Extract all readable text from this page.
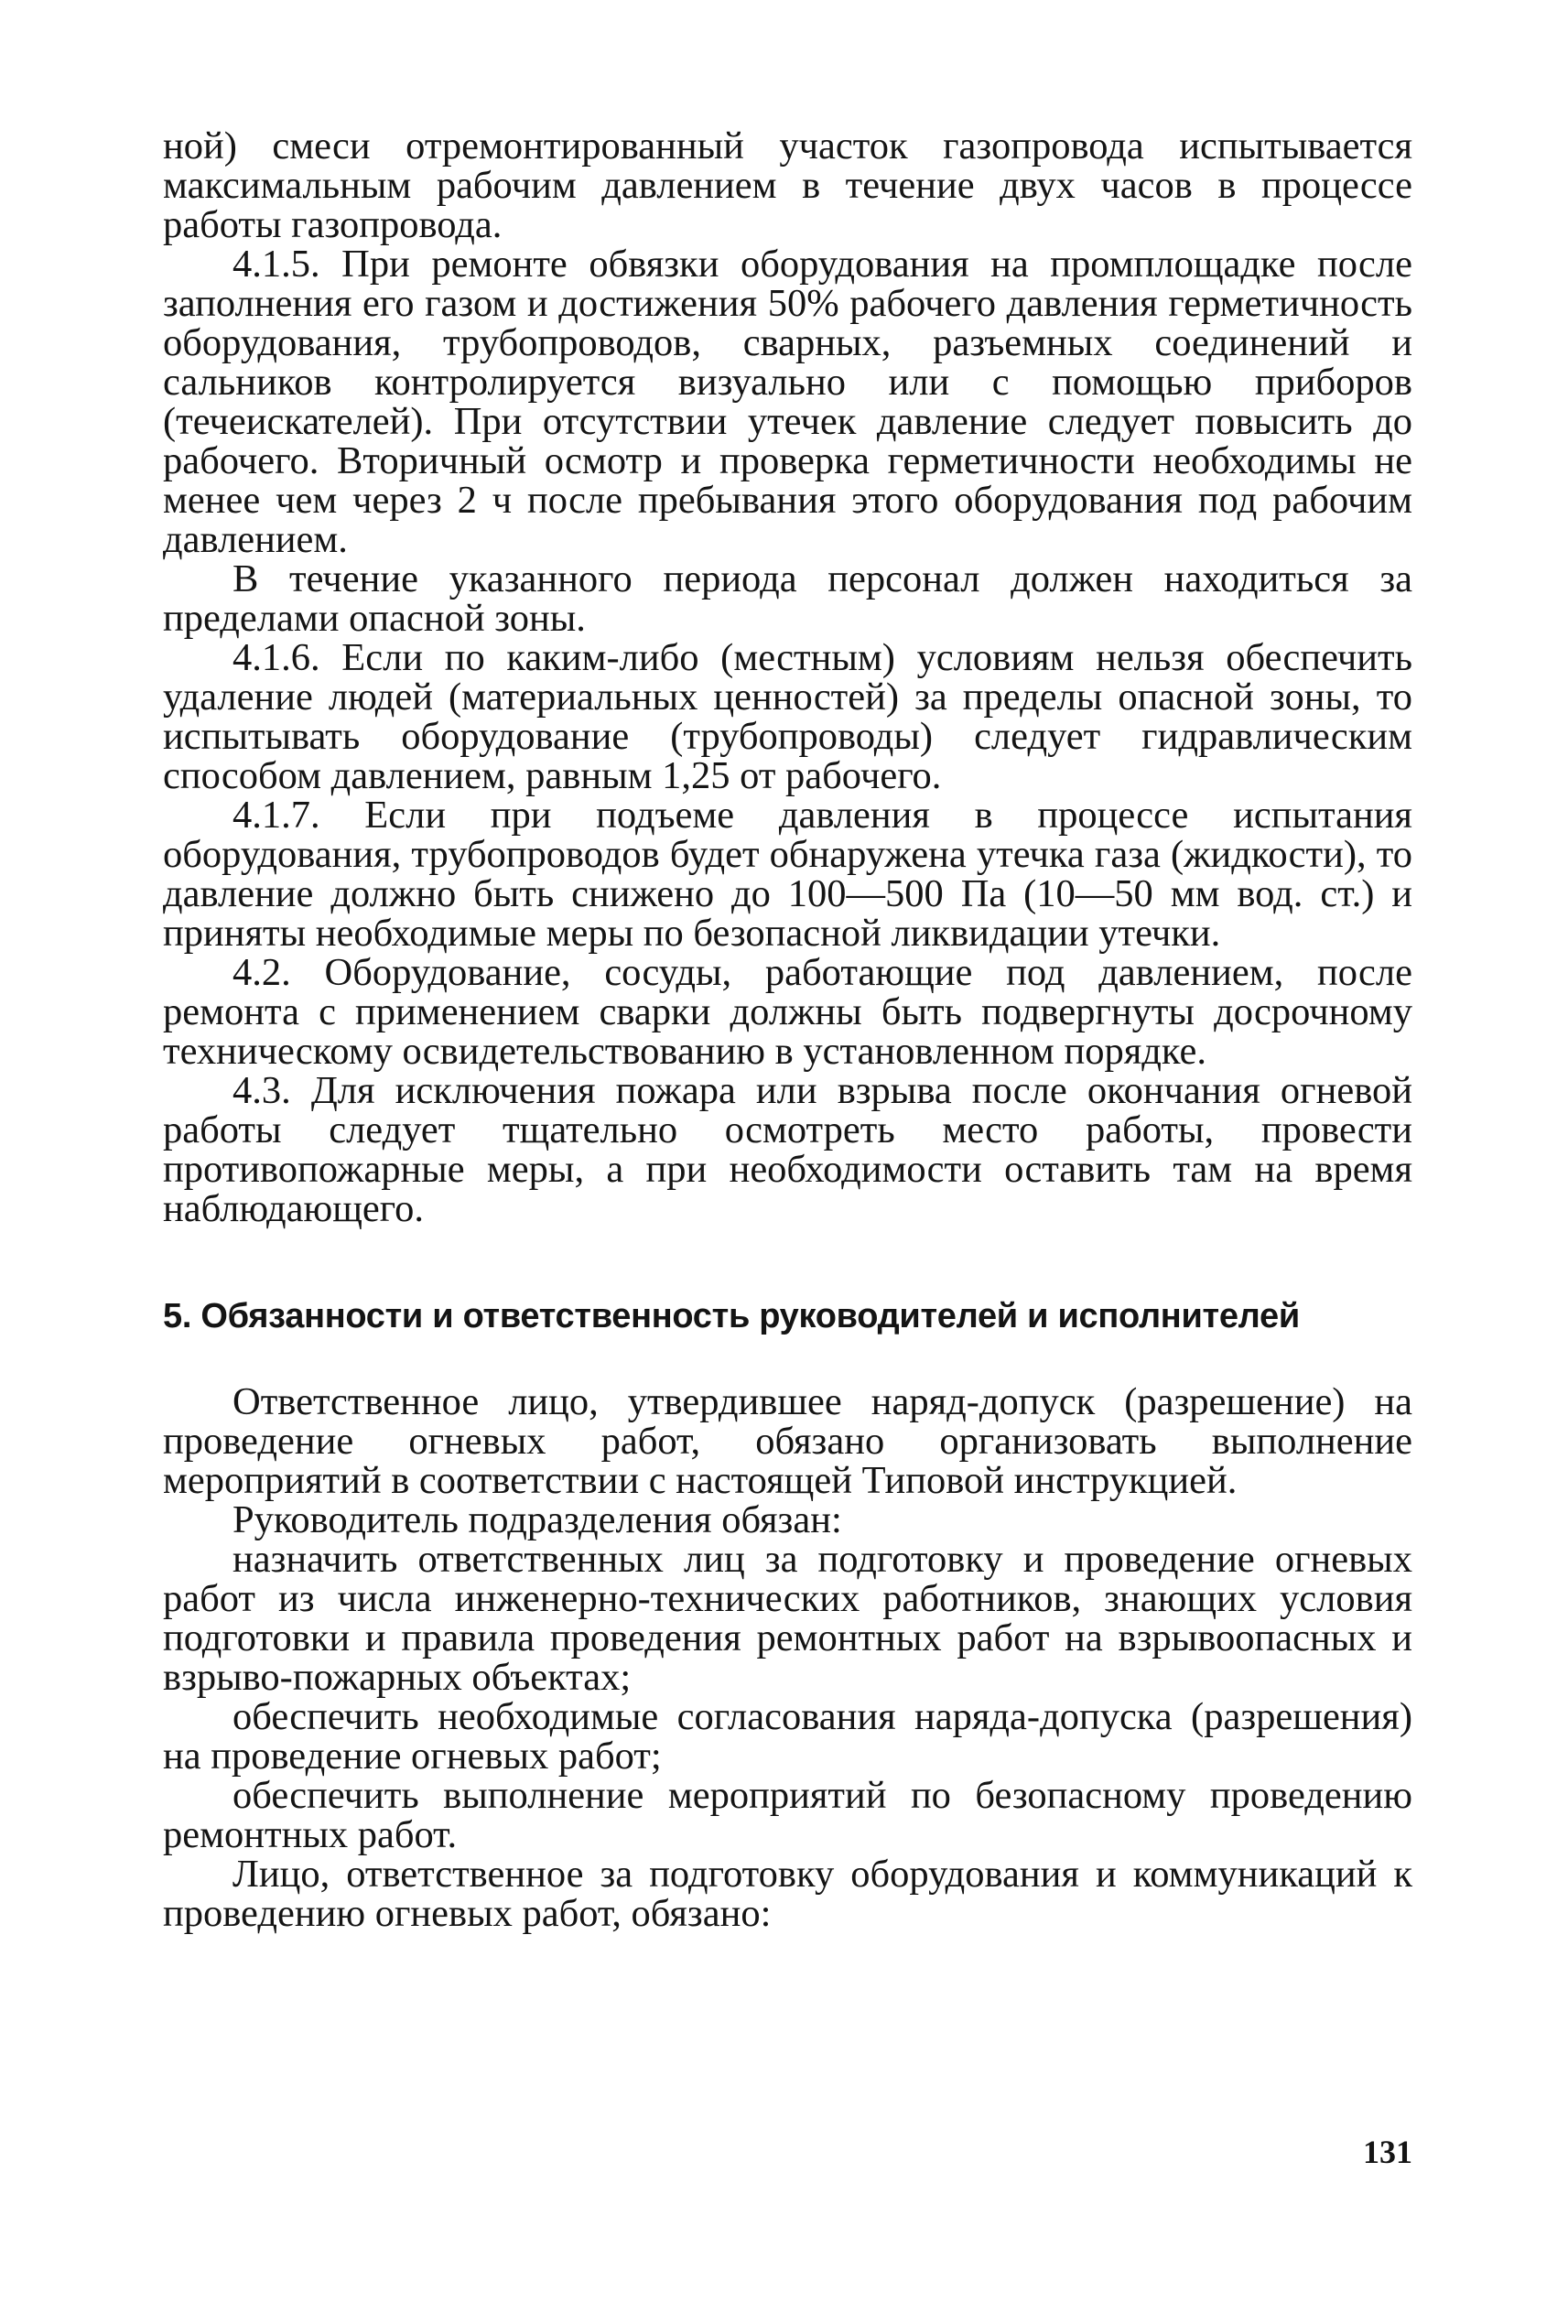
ной) смеси отремонтированный участок газопровода испытывается максимальным рабочим давлением в течение двух часов в процессе работы газопровода.

4.1.5. При ремонте обвязки оборудования на промплощадке после заполнения его газом и достижения 50% рабочего давления герметичность оборудования, трубопроводов, сварных, разъемных соединений и сальников контролируется визуально или с помощью приборов (течеискателей). При отсутствии утечек давление следует повысить до рабочего. Вторичный осмотр и проверка герметичности необходимы не менее чем через 2 ч после пребывания этого оборудования под рабочим давлением.

В течение указанного периода персонал должен находиться за пределами опасной зоны.

4.1.6. Если по каким-либо (местным) условиям нельзя обеспечить удаление людей (материальных ценностей) за пределы опасной зоны, то испытывать оборудование (трубопроводы) следует гидравлическим способом давлением, равным 1,25 от рабочего.

4.1.7. Если при подъеме давления в процессе испытания оборудования, трубопроводов будет обнаружена утечка газа (жидкости), то давление должно быть снижено до 100—500 Па (10—50 мм вод. ст.) и приняты необходимые меры по безопасной ликвидации утечки.

4.2. Оборудование, сосуды, работающие под давлением, после ремонта с применением сварки должны быть подвергнуты досрочному техническому освидетельствованию в установленном порядке.

4.3. Для исключения пожара или взрыва после окончания огневой работы следует тщательно осмотреть место работы, провести противопожарные меры, а при необходимости оставить там на время наблюдающего.

5. Обязанности и ответственность руководителей и исполнителей

Ответственное лицо, утвердившее наряд-допуск (разрешение) на проведение огневых работ, обязано организовать выполнение мероприятий в соответствии с настоящей Типовой инструкцией.

Руководитель подразделения обязан:

назначить ответственных лиц за подготовку и проведение огневых работ из числа инженерно-технических работников, знающих условия подготовки и правила проведения ремонтных работ на взрывоопасных и взрыво-пожарных объектах;

обеспечить необходимые согласования наряда-допуска (разрешения) на проведение огневых работ;

обеспечить выполнение мероприятий по безопасному проведению ремонтных работ.

Лицо, ответственное за подготовку оборудования и коммуникаций к проведению огневых работ, обязано:

131
